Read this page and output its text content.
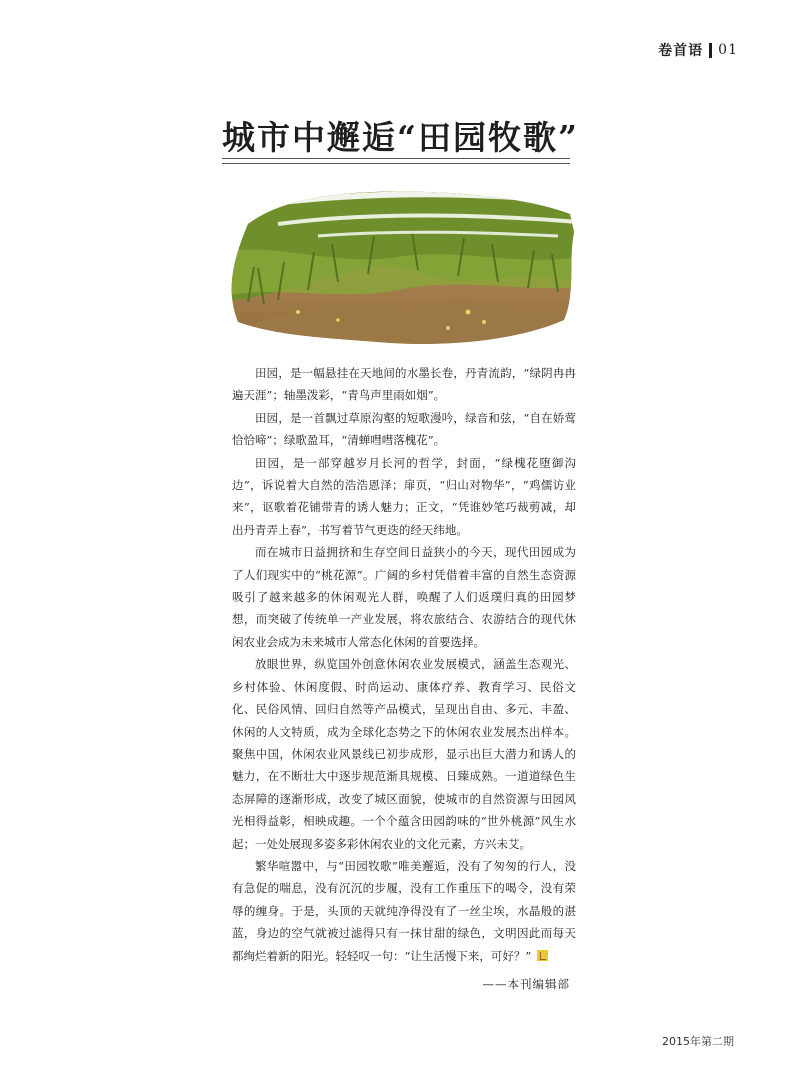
卷首语 01
城市中邂逅“田园牧歌”

田园，是一幅悬挂在天地间的水墨长卷，丹青流韵，“绿阴冉冉遍天涯”；轴墨泼彩，“青鸟声里雨如烟”。

田园，是一首飘过草原沟壑的短歌漫吟，绿音和弦，“自在娇莺恰恰啼”；绿歌盈耳，“清蝉嘒嘒落槐花”。

田园，是一部穿越岁月长河的哲学，封面，“绿槐花堕御沟边”，诉说着大自然的浩浩恩泽；扉页，“归山对物华”，“鸡儒访业来”，讴歌着花铺带青的诱人魅力；正文，“凭谁妙笔巧裁剪减，却出丹青弄上春”，书写着节气更迭的经天纬地。

而在城市日益拥挤和生存空间日益狭小的今天，现代田园成为了人们现实中的“桃花源”。广阔的乡村凭借着丰富的自然生态资源吸引了越来越多的休闲观光人群，唤醒了人们返璞归真的田园梦想，而突破了传统单一产业发展，将农旅结合、农游结合的现代休闲农业会成为未来城市人常态化休闲的首要选择。

放眼世界，纵览国外创意休闲农业发展模式，涵盖生态观光、乡村体验、休闲度假、时尚运动、康体疗养、教育学习、民俗文化、民俗风情、回归自然等产品模式，呈现出自由、多元、丰盈、休闲的人文特质，成为全球化态势之下的休闲农业发展杰出样本。聚焦中国，休闲农业风景线已初步成形，显示出巨大潜力和诱人的魅力，在不断壮大中逐步规范渐具规模、日臻成熟。一道道绿色生态屏障的逐渐形成，改变了城区面貌，使城市的自然资源与田园风光相得益彰，相映成趣。一个个蕴含田园韵味的“世外桃源”风生水起；一处处展现多姿多彩休闲农业的文化元素，方兴未艾。

繁华喧嚣中，与“田园牧歌”唯美邂逅，没有了匆匆的行人，没有急促的喘息，没有沉沉的步履，没有工作重压下的喝令，没有荣辱的缠身。于是，头顶的天就纯净得没有了一丝尘埃，水晶般的湛蓝，身边的空气就被过滤得只有一抹甘甜的绿色，文明因此而每天都绚烂着新的阳光。轻轻叹一句：“让生活慢下来，可好？”

——本刊编辑部
2015年第二期
